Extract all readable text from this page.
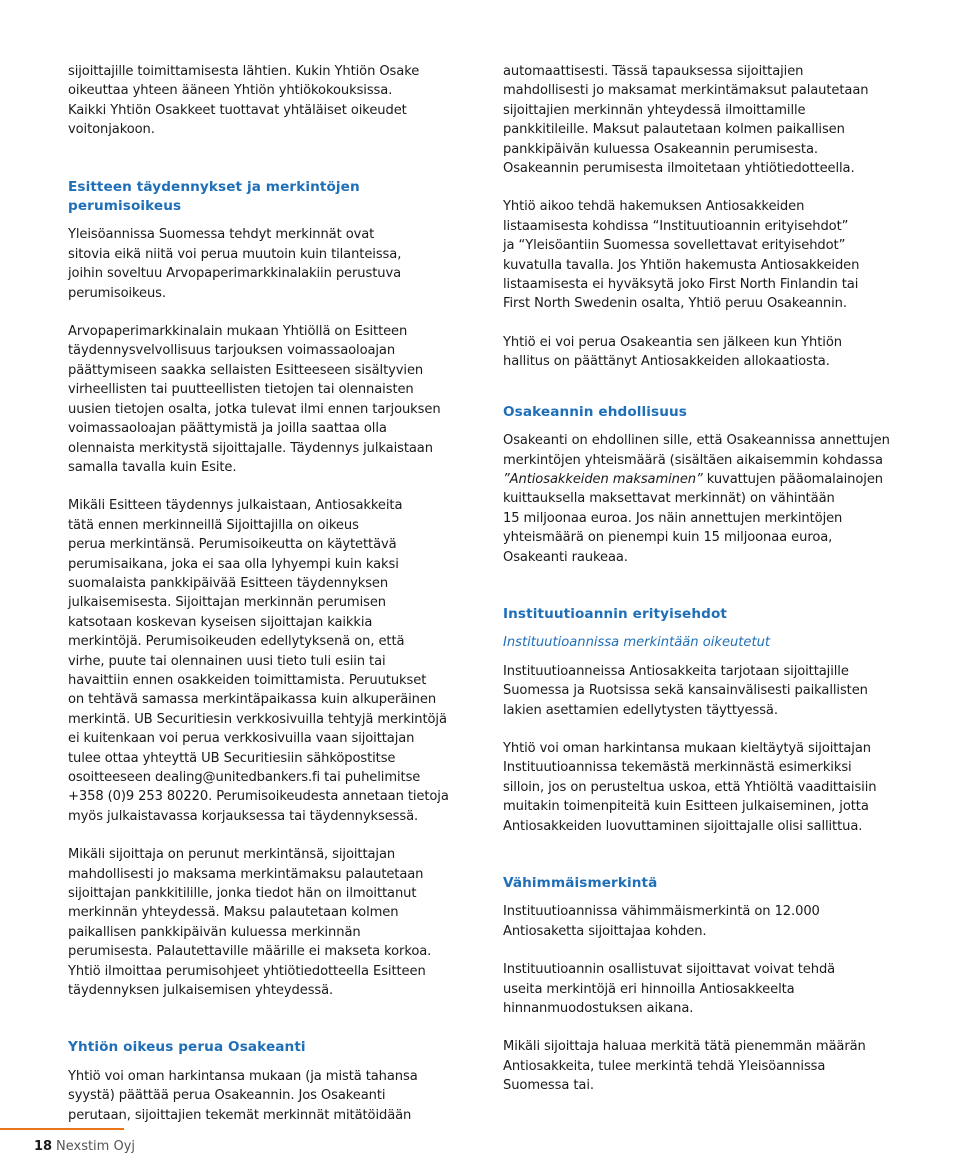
sijoittajille toimittamisesta lähtien. Kukin Yhtiön Osake
oikeuttaa yhteen ääneen Yhtiön yhtiökokouksissa.
Kaikki Yhtiön Osakkeet tuottavat yhtäläiset oikeudet
voitonjakoon.

Esitteen täydennykset ja merkintöjen perumisoikeus

Yleisöannissa Suomessa tehdyt merkinnät ovat
sitovia eikä niitä voi perua muutoin kuin tilanteissa,
joihin soveltuu Arvopaperimarkkinalakiin perustuva
perumisoikeus.

Arvopaperimarkkinalain mukaan Yhtiöllä on Esitteen
täydennysvelvollisuus tarjouksen voimassaoloajan
päättymiseen saakka sellaisten Esitteeseen sisältyvien
virheellisten tai puutteellisten tietojen tai olennaisten
uusien tietojen osalta, jotka tulevat ilmi ennen tarjouksen
voimassaoloajan päättymistä ja joilla saattaa olla
olennaista merkitystä sijoittajalle. Täydennys julkaistaan
samalla tavalla kuin Esite.

Mikäli Esitteen täydennys julkaistaan, Antiosakkeita
tätä ennen merkinneillä Sijoittajilla on oikeus
perua merkintänsä. Perumisoikeutta on käytettävä
perumisaikana, joka ei saa olla lyhyempi kuin kaksi
suomalaista pankkipäivää Esitteen täydennyksen
julkaisemisesta. Sijoittajan merkinnän perumisen
katsotaan koskevan kyseisen sijoittajan kaikkia
merkintöjä. Perumisoikeuden edellytyksenä on, että
virhe, puute tai olennainen uusi tieto tuli esiin tai
havaittiin ennen osakkeiden toimittamista. Peruutukset
on tehtävä samassa merkintäpaikassa kuin alkuperäinen
merkintä. UB Securitiesin verkkosivuilla tehtyjä merkintöjä
ei kuitenkaan voi perua verkkosivuilla vaan sijoittajan
tulee ottaa yhteyttä UB Securitiesiin sähköpostitse
osoitteeseen dealing@unitedbankers.fi tai puhelimitse
+358 (0)9 253 80220. Perumisoikeudesta annetaan tietoja
myös julkaistavassa korjauksessa tai täydennyksessä.

Mikäli sijoittaja on perunut merkintänsä, sijoittajan
mahdollisesti jo maksama merkintämaksu palautetaan
sijoittajan pankkitilille, jonka tiedot hän on ilmoittanut
merkinnän yhteydessä. Maksu palautetaan kolmen
paikallisen pankkipäivän kuluessa merkinnän
perumisesta. Palautettaville määrille ei makseta korkoa.
Yhtiö ilmoittaa perumisohjeet yhtiötiedotteella Esitteen
täydennyksen julkaisemisen yhteydessä.

Yhtiön oikeus perua Osakeanti

Yhtiö voi oman harkintansa mukaan (ja mistä tahansa
syystä) päättää perua Osakeannin. Jos Osakeanti
perutaan, sijoittajien tekemät merkinnät mitätöidään

automaattisesti. Tässä tapauksessa sijoittajien
mahdollisesti jo maksamat merkintämaksut palautetaan
sijoittajien merkinnän yhteydessä ilmoittamille
pankkitileille. Maksut palautetaan kolmen paikallisen
pankkipäivän kuluessa Osakeannin perumisesta.
Osakeannin perumisesta ilmoitetaan yhtiötiedotteella.

Yhtiö aikoo tehdä hakemuksen Antiosakkeiden
listaamisesta kohdissa “Instituutioannin erityisehdot”
ja “Yleisöantiin Suomessa sovellettavat erityisehdot”
kuvatulla tavalla. Jos Yhtiön hakemusta Antiosakkeiden
listaamisesta ei hyväksytä joko First North Finlandin tai
First North Swedenin osalta, Yhtiö peruu Osakeannin.

Yhtiö ei voi perua Osakeantia sen jälkeen kun Yhtiön
hallitus on päättänyt Antiosakkeiden allokaatiosta.

Osakeannin ehdollisuus

Osakeanti on ehdollinen sille, että Osakeannissa annettujen
merkintöjen yhteismäärä (sisältäen aikaisemmin kohdassa
”Antiosakkeiden maksaminen” kuvattujen pääomalainojen
kuittauksella maksettavat merkinnät) on vähintään
15 miljoonaa euroa. Jos näin annettujen merkintöjen
yhteismäärä on pienempi kuin 15 miljoonaa euroa,
Osakeanti raukeaa.

Instituutioannin erityisehdot
Instituutioannissa merkintään oikeutetut

Instituutioanneissa Antiosakkeita tarjotaan sijoittajille
Suomessa ja Ruotsissa sekä kansainvälisesti paikallisten
lakien asettamien edellytysten täyttyessä.

Yhtiö voi oman harkintansa mukaan kieltäytyä sijoittajan
Instituutioannissa tekemästä merkinnästä esimerkiksi
silloin, jos on perusteltua uskoa, että Yhtiöltä vaadittaisiin
muitakin toimenpiteitä kuin Esitteen julkaiseminen, jotta
Antiosakkeiden luovuttaminen sijoittajalle olisi sallittua.

Vähimmäismerkintä

Instituutioannissa vähimmäismerkintä on 12.000
Antiosaketta sijoittajaa kohden.

Instituutioannin osallistuvat sijoittavat voivat tehdä
useita merkintöjä eri hinnoilla Antiosakkeelta
hinnanmuodostuksen aikana.

Mikäli sijoittaja haluaa merkitä tätä pienemmän määrän
Antiosakkeita, tulee merkintä tehdä Yleisöannissa
Suomessa tai.

18 Nexstim Oyj
